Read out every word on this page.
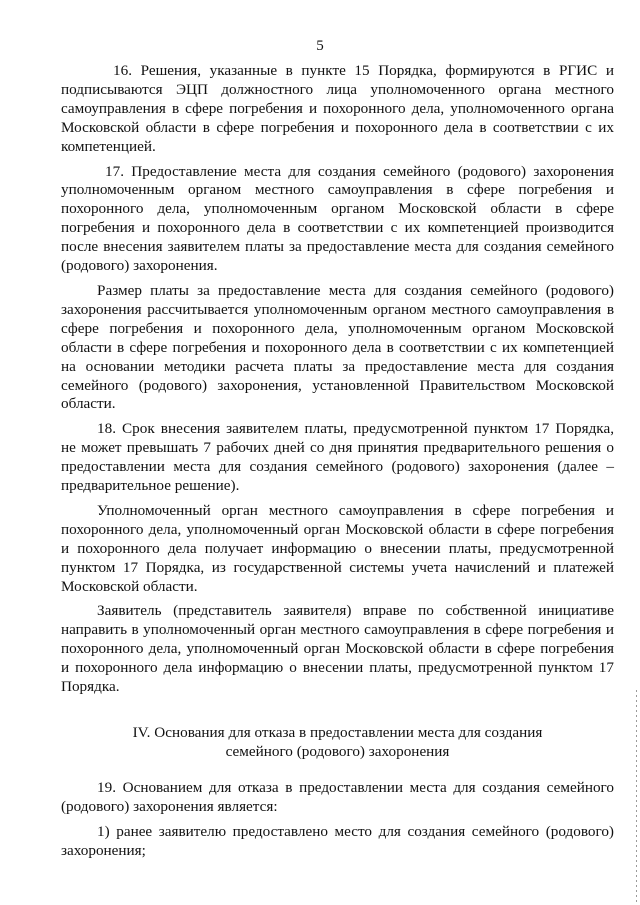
5

16. Решения, указанные в пункте 15 Порядка, формируются в РГИС и подписываются ЭЦП должностного лица уполномоченного органа местного самоуправления в сфере погребения и похоронного дела, уполномоченного органа Московской области в сфере погребения и похоронного дела в соответствии с их компетенцией.

17. Предоставление места для создания семейного (родового) захоронения уполномоченным органом местного самоуправления в сфере погребения и похоронного дела, уполномоченным органом Московской области в сфере погребения и похоронного дела в соответствии с их компетенцией производится после внесения заявителем платы за предоставление места для создания семейного (родового) захоронения.

Размер платы за предоставление места для создания семейного (родового) захоронения рассчитывается уполномоченным органом местного самоуправления в сфере погребения и похоронного дела, уполномоченным органом Московской области в сфере погребения и похоронного дела в соответствии с их компетенцией на основании методики расчета платы за предоставление места для создания семейного (родового) захоронения, установленной Правительством Московской области.

18. Срок внесения заявителем платы, предусмотренной пунктом 17 Порядка, не может превышать 7 рабочих дней со дня принятия предварительного решения о предоставлении места для создания семейного (родового) захоронения (далее – предварительное решение).

Уполномоченный орган местного самоуправления в сфере погребения и похоронного дела, уполномоченный орган Московской области в сфере погребения и похоронного дела получает информацию о внесении платы, предусмотренной пунктом 17 Порядка, из государственной системы учета начислений и платежей Московской области.

Заявитель (представитель заявителя) вправе по собственной инициативе направить в уполномоченный орган местного самоуправления в сфере погребения и похоронного дела, уполномоченный орган Московской области в сфере погребения и похоронного дела информацию о внесении платы, предусмотренной пунктом 17 Порядка.

IV. Основания для отказа в предоставлении места для создания
семейного (родового) захоронения

19. Основанием для отказа в предоставлении места для создания семейного (родового) захоронения является:

1) ранее заявителю предоставлено место для создания семейного (родового) захоронения;
